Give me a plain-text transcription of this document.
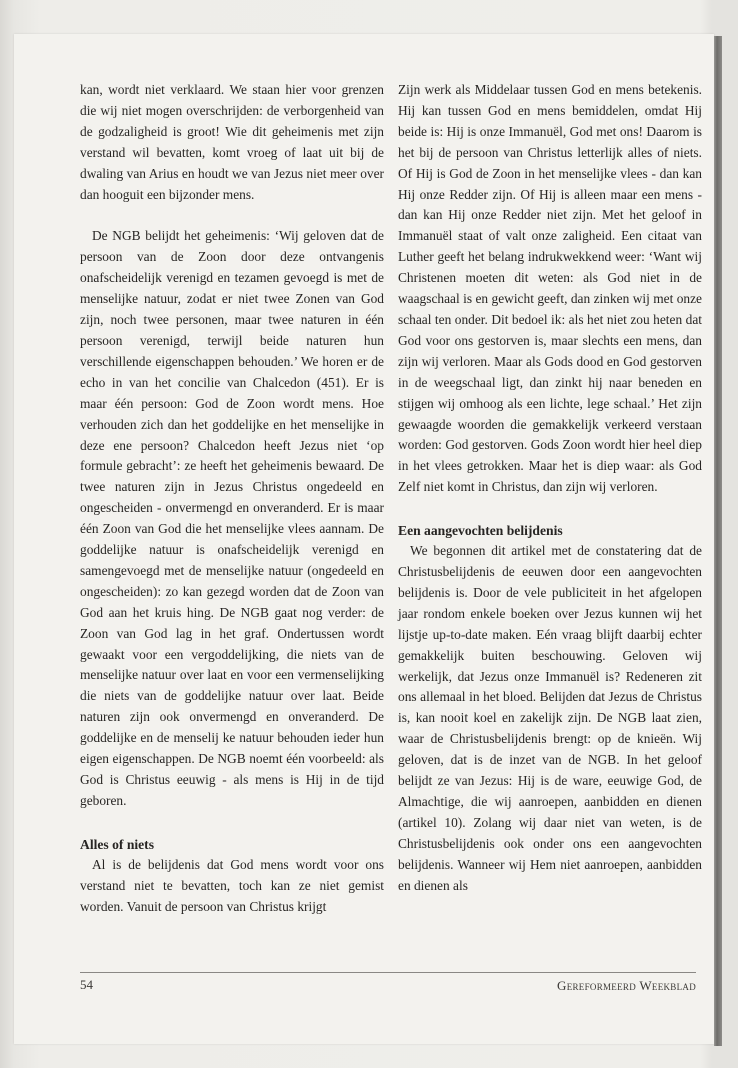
kan, wordt niet verklaard. We staan hier voor grenzen die wij niet mogen overschrijden: de verborgenheid van de godzaligheid is groot! Wie dit geheimenis met zijn verstand wil bevatten, komt vroeg of laat uit bij de dwaling van Arius en houdt we van Jezus niet meer over dan hooguit een bijzonder mens.

De NGB belijdt het geheimenis: ‘Wij geloven dat de persoon van de Zoon door deze ontvangenis onafscheidelijk verenigd en tezamen gevoegd is met de menselijke natuur, zodat er niet twee Zonen van God zijn, noch twee personen, maar twee naturen in één persoon verenigd, terwijl beide naturen hun verschillende eigenschappen behouden.’ We horen er de echo in van het concilie van Chalcedon (451). Er is maar één persoon: God de Zoon wordt mens. Hoe verhouden zich dan het goddelijke en het menselijke in deze ene persoon? Chalcedon heeft Jezus niet ‘op formule gebracht’: ze heeft het geheimenis bewaard. De twee naturen zijn in Jezus Christus ongedeeld en ongescheiden - onvermengd en onveranderd. Er is maar één Zoon van God die het menselijke vlees aannam. De goddelijke natuur is onafscheidelijk verenigd en samengevoegd met de menselijke natuur (ongedeeld en ongescheiden): zo kan gezegd worden dat de Zoon van God aan het kruis hing. De NGB gaat nog verder: de Zoon van God lag in het graf. Ondertussen wordt gewaakt voor een vergoddelijking, die niets van de menselijke natuur over laat en voor een vermenselijking die niets van de goddelijke natuur over laat. Beide naturen zijn ook onvermengd en onveranderd. De goddelijke en de menselij ke natuur behouden ieder hun eigen eigenschappen. De NGB noemt één voorbeeld: als God is Christus eeuwig - als mens is Hij in de tijd geboren.

Alles of niets

Al is de belijdenis dat God mens wordt voor ons verstand niet te bevatten, toch kan ze niet gemist worden. Vanuit de persoon van Christus krijgt

Zijn werk als Middelaar tussen God en mens betekenis. Hij kan tussen God en mens bemiddelen, omdat Hij beide is: Hij is onze Immanuël, God met ons! Daarom is het bij de persoon van Christus letterlijk alles of niets. Of Hij is God de Zoon in het menselijke vlees - dan kan Hij onze Redder zijn. Of Hij is alleen maar een mens - dan kan Hij onze Redder niet zijn. Met het geloof in Immanuël staat of valt onze zaligheid. Een citaat van Luther geeft het belang indrukwekkend weer: ‘Want wij Christenen moeten dit weten: als God niet in de waagschaal is en gewicht geeft, dan zinken wij met onze schaal ten onder. Dit bedoel ik: als het niet zou heten dat God voor ons gestorven is, maar slechts een mens, dan zijn wij verloren. Maar als Gods dood en God gestorven in de weegschaal ligt, dan zinkt hij naar beneden en stijgen wij omhoog als een lichte, lege schaal.’ Het zijn gewaagde woorden die gemakkelijk verkeerd verstaan worden: God gestorven. Gods Zoon wordt hier heel diep in het vlees getrokken. Maar het is diep waar: als God Zelf niet komt in Christus, dan zijn wij verloren.

Een aangevochten belijdenis

We begonnen dit artikel met de constatering dat de Christusbelijdenis de eeuwen door een aangevochten belijdenis is. Door de vele publiciteit in het afgelopen jaar rondom enkele boeken over Jezus kunnen wij het lijstje up-to-date maken. Eén vraag blijft daarbij echter gemakkelijk buiten beschouwing. Geloven wij werkelijk, dat Jezus onze Immanuël is? Redeneren zit ons allemaal in het bloed. Belijden dat Jezus de Christus is, kan nooit koel en zakelijk zijn. De NGB laat zien, waar de Christusbelijdenis brengt: op de knieën. Wij geloven, dat is de inzet van de NGB. In het geloof belijdt ze van Jezus: Hij is de ware, eeuwige God, de Almachtige, die wij aanroepen, aanbidden en dienen (artikel 10). Zolang wij daar niet van weten, is de Christusbelijdenis ook onder ons een aangevochten belijdenis. Wanneer wij Hem niet aanroepen, aanbidden en dienen als

54	Gereformeerd Weekblad
